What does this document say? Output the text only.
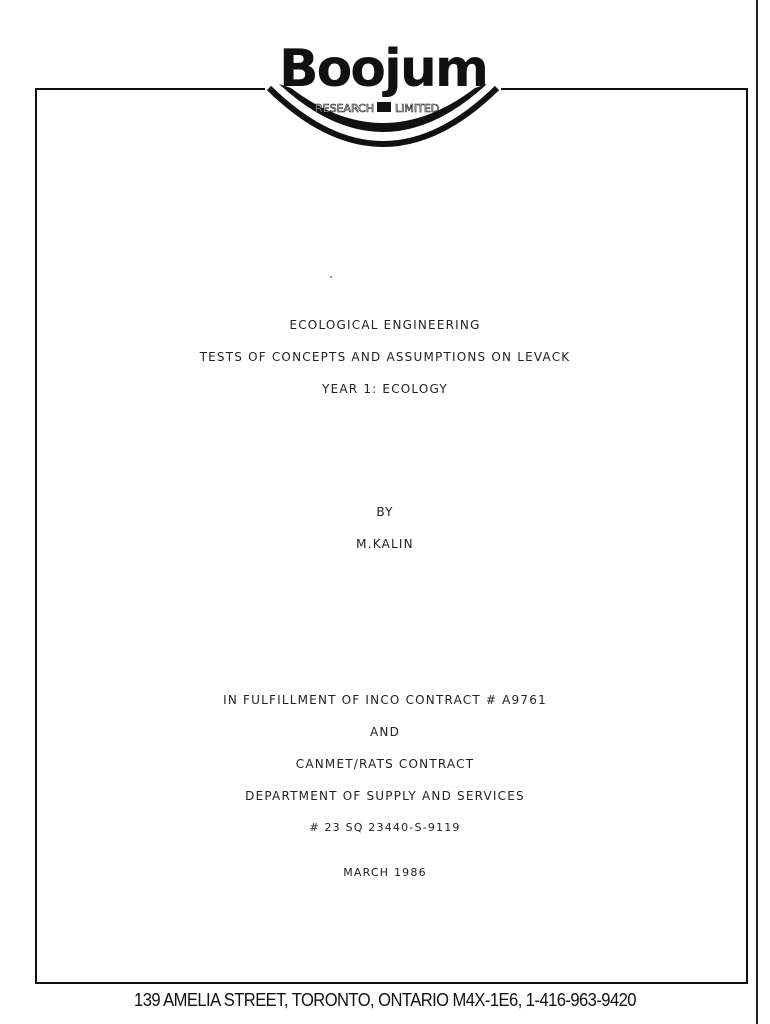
Boojum
RESEARCH LIMITED
ECOLOGICAL ENGINEERING
TESTS OF CONCEPTS AND ASSUMPTIONS ON LEVACK
YEAR 1: ECOLOGY
BY
M.KALIN
IN FULFILLMENT OF INCO CONTRACT # A9761
AND
CANMET/RATS CONTRACT
DEPARTMENT OF SUPPLY AND SERVICES
# 23 SQ 23440-S-9119
MARCH 1986
139 AMELIA STREET, TORONTO, ONTARIO M4X-1E6, 1-416-963-9420
